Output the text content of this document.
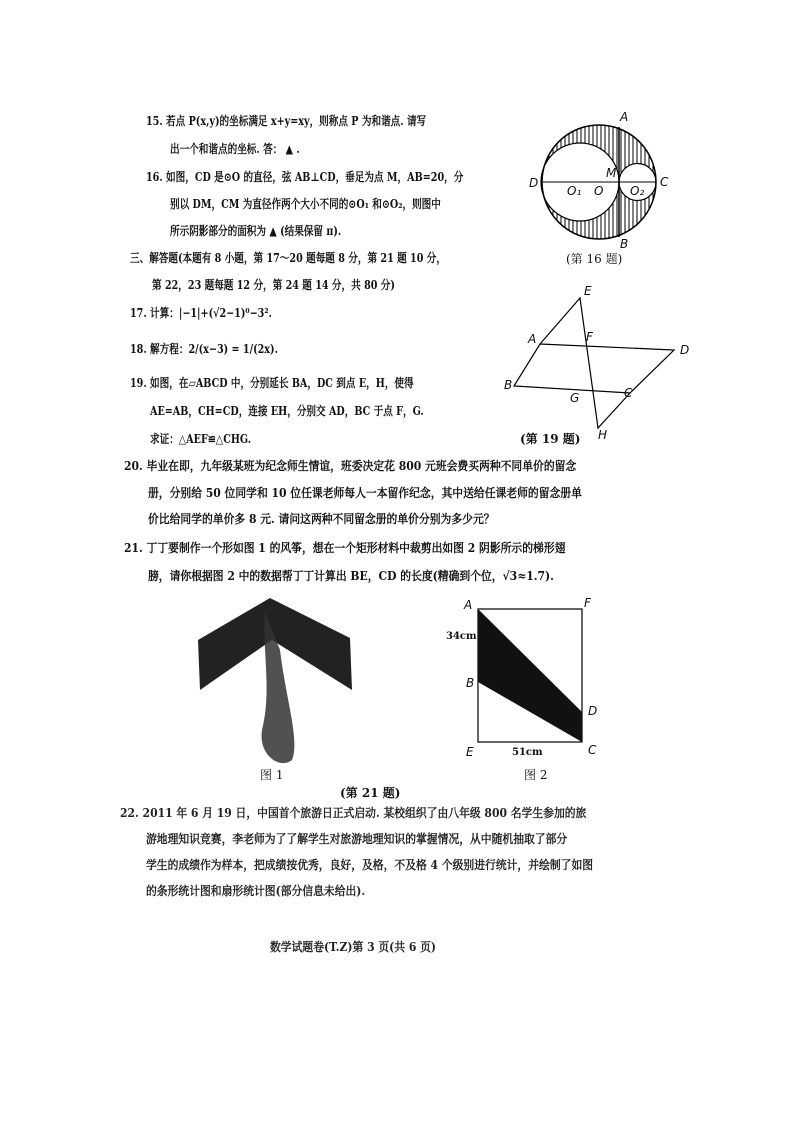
15. 若点 P(x,y)的坐标满足 x+y=xy，则称点 P 为和谐点. 请写
出一个和谐点的坐标. 答： ▲ .
16. 如图，CD 是⊙O 的直径，弦 AB⊥CD，垂足为点 M，AB=20，分
别以 DM，CM 为直径作两个大小不同的⊙O₁ 和⊙O₂，则图中
所示阴影部分的面积为 ▲ (结果保留 π).
三、解答题(本题有 8 小题，第 17～20 题每题 8 分，第 21 题 10 分，
第 22，23 题每题 12 分，第 24 题 14 分，共 80 分)
17. 计算：|−1|+(√2−1)⁰−3².
18. 解方程：2/(x−3) = 1/(2x).
19. 如图，在▱ABCD 中，分别延长 BA，DC 到点 E，H，使得
AE=AB，CH=CD，连接 EH，分别交 AD，BC 于点 F，G.
求证：△AEF≌△CHG.
20. 毕业在即，九年级某班为纪念师生情谊，班委决定花 800 元班会费买两种不同单价的留念
册，分别给 50 位同学和 10 位任课老师每人一本留作纪念，其中送给任课老师的留念册单
价比给同学的单价多 8 元. 请问这两种不同留念册的单价分别为多少元？
21. 丁丁要制作一个形如图 1 的风筝，想在一个矩形材料中裁剪出如图 2 阴影所示的梯形翅
膀，请你根据图 2 中的数据帮丁丁计算出 BE，CD 的长度(精确到个位，√3≈1.7).
22. 2011 年 6 月 19 日，中国首个旅游日正式启动. 某校组织了由八年级 800 名学生参加的旅
游地理知识竞赛，李老师为了了解学生对旅游地理知识的掌握情况，从中随机抽取了部分
学生的成绩作为样本，把成绩按优秀，良好，及格，不及格 4 个级别进行统计，并绘制了如图
的条形统计图和扇形统计图(部分信息未给出).
数学试题卷(T.Z)第 3 页(共 6 页)
A
B
C
D
M
O₁ O O₂
(第 16 题)
E
A	F
D
B
G	C
H
(第 19 题)
A	F
B
D
E	C
34cm
51cm
图 1	图 2
(第 21 题)
